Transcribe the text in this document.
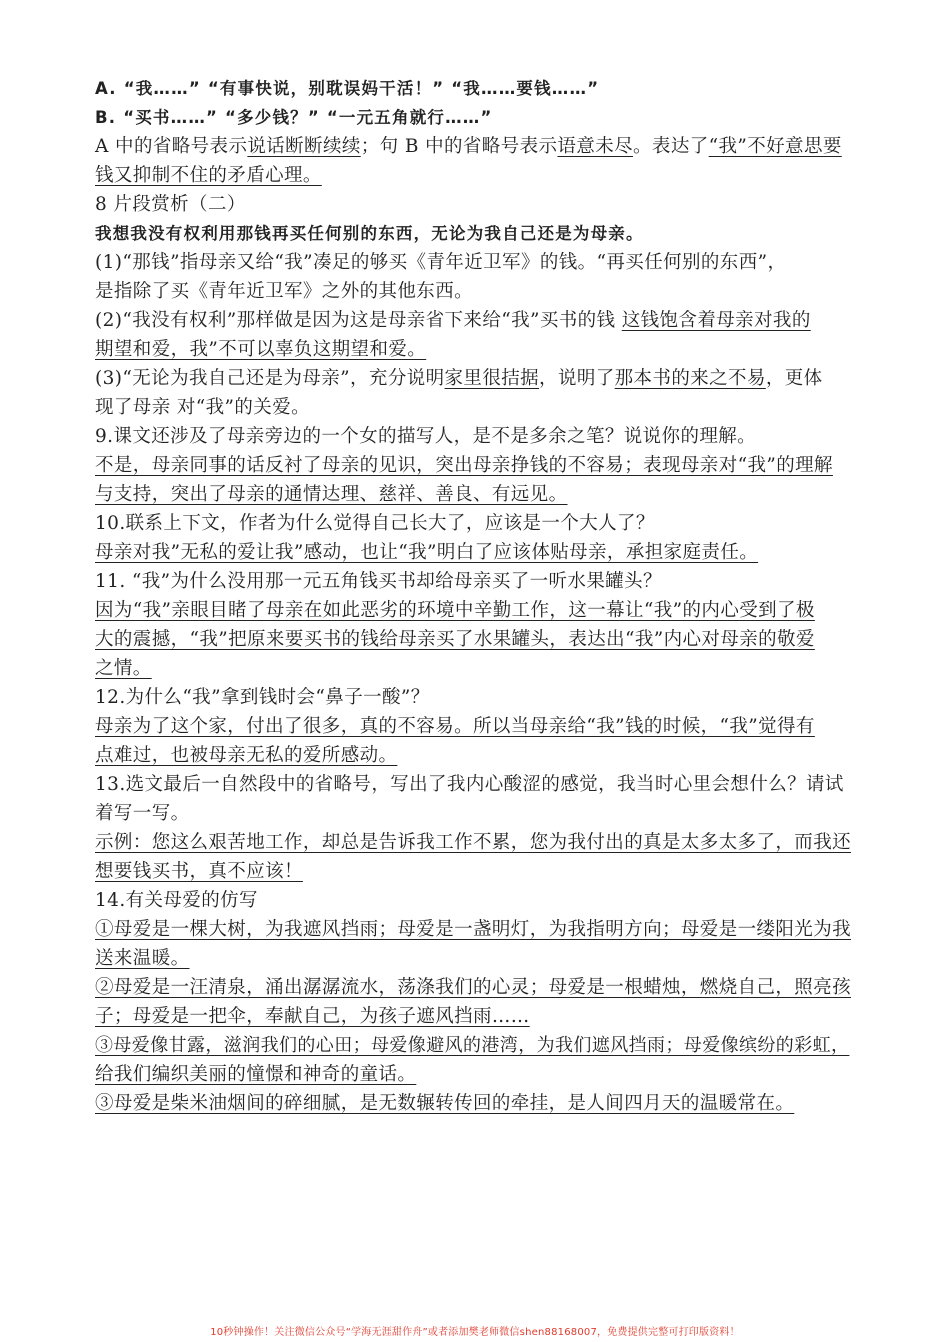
A. “我……” “有事快说，别耽误妈干活！” “我……要钱……”
B. “买书……” “多少钱？” “一元五角就行……”
A 中的省略号表示说话断断续续；句 B 中的省略号表示语意未尽。表达了“我”不好意思要
钱又抑制不住的矛盾心理。
8 片段赏析（二）
我想我没有权利用那钱再买任何别的东西，无论为我自己还是为母亲。
(1)“那钱”指母亲又给“我”凑足的够买《青年近卫军》的钱。“再买任何别的东西”，
是指除了买《青年近卫军》之外的其他东西。
(2)“我没有权利”那样做是因为这是母亲省下来给“我”买书的钱 这钱饱含着母亲对我的
期望和爱，我”不可以辜负这期望和爱。
(3)“无论为我自己还是为母亲”，充分说明家里很拮据，说明了那本书的来之不易，更体
现了母亲 对“我”的关爱。
9.课文还涉及了母亲旁边的一个女的描写人，是不是多余之笔？说说你的理解。
不是，母亲同事的话反衬了母亲的见识，突出母亲挣钱的不容易；表现母亲对“我”的理解
与支持，突出了母亲的通情达理、慈祥、善良、有远见。
10.联系上下文，作者为什么觉得自己长大了，应该是一个大人了？
母亲对我”无私的爱让我”感动，也让“我”明白了应该体贴母亲，承担家庭责任。
11. “我”为什么没用那一元五角钱买书却给母亲买了一听水果罐头？
因为“我”亲眼目睹了母亲在如此恶劣的环境中辛勤工作，这一幕让“我”的内心受到了极
大的震撼，“我”把原来要买书的钱给母亲买了水果罐头，表达出“我”内心对母亲的敬爱
之情。
12.为什么“我”拿到钱时会“鼻子一酸”？
母亲为了这个家，付出了很多，真的不容易。所以当母亲给“我”钱的时候，“我”觉得有
点难过，也被母亲无私的爱所感动。
13.选文最后一自然段中的省略号，写出了我内心酸涩的感觉，我当时心里会想什么？请试
着写一写。
示例：您这么艰苦地工作，却总是告诉我工作不累，您为我付出的真是太多太多了，而我还
想要钱买书，真不应该！
14.有关母爱的仿写
①母爱是一棵大树，为我遮风挡雨；母爱是一盏明灯，为我指明方向；母爱是一缕阳光为我
送来温暖。
②母爱是一汪清泉，涌出潺潺流水，荡涤我们的心灵；母爱是一根蜡烛，燃烧自己，照亮孩
子；母爱是一把伞，奉献自己，为孩子遮风挡雨……
③母爱像甘露，滋润我们的心田；母爱像避风的港湾，为我们遮风挡雨；母爱像缤纷的彩虹，
给我们编织美丽的憧憬和神奇的童话。
③母爱是柴米油烟间的碎细腻，是无数辗转传回的牵挂，是人间四月天的温暖常在。
10秒钟操作！关注微信公众号“学海无涯甜作舟”或者添加樊老师微信shen88168007，免费提供完整可打印版资料！
